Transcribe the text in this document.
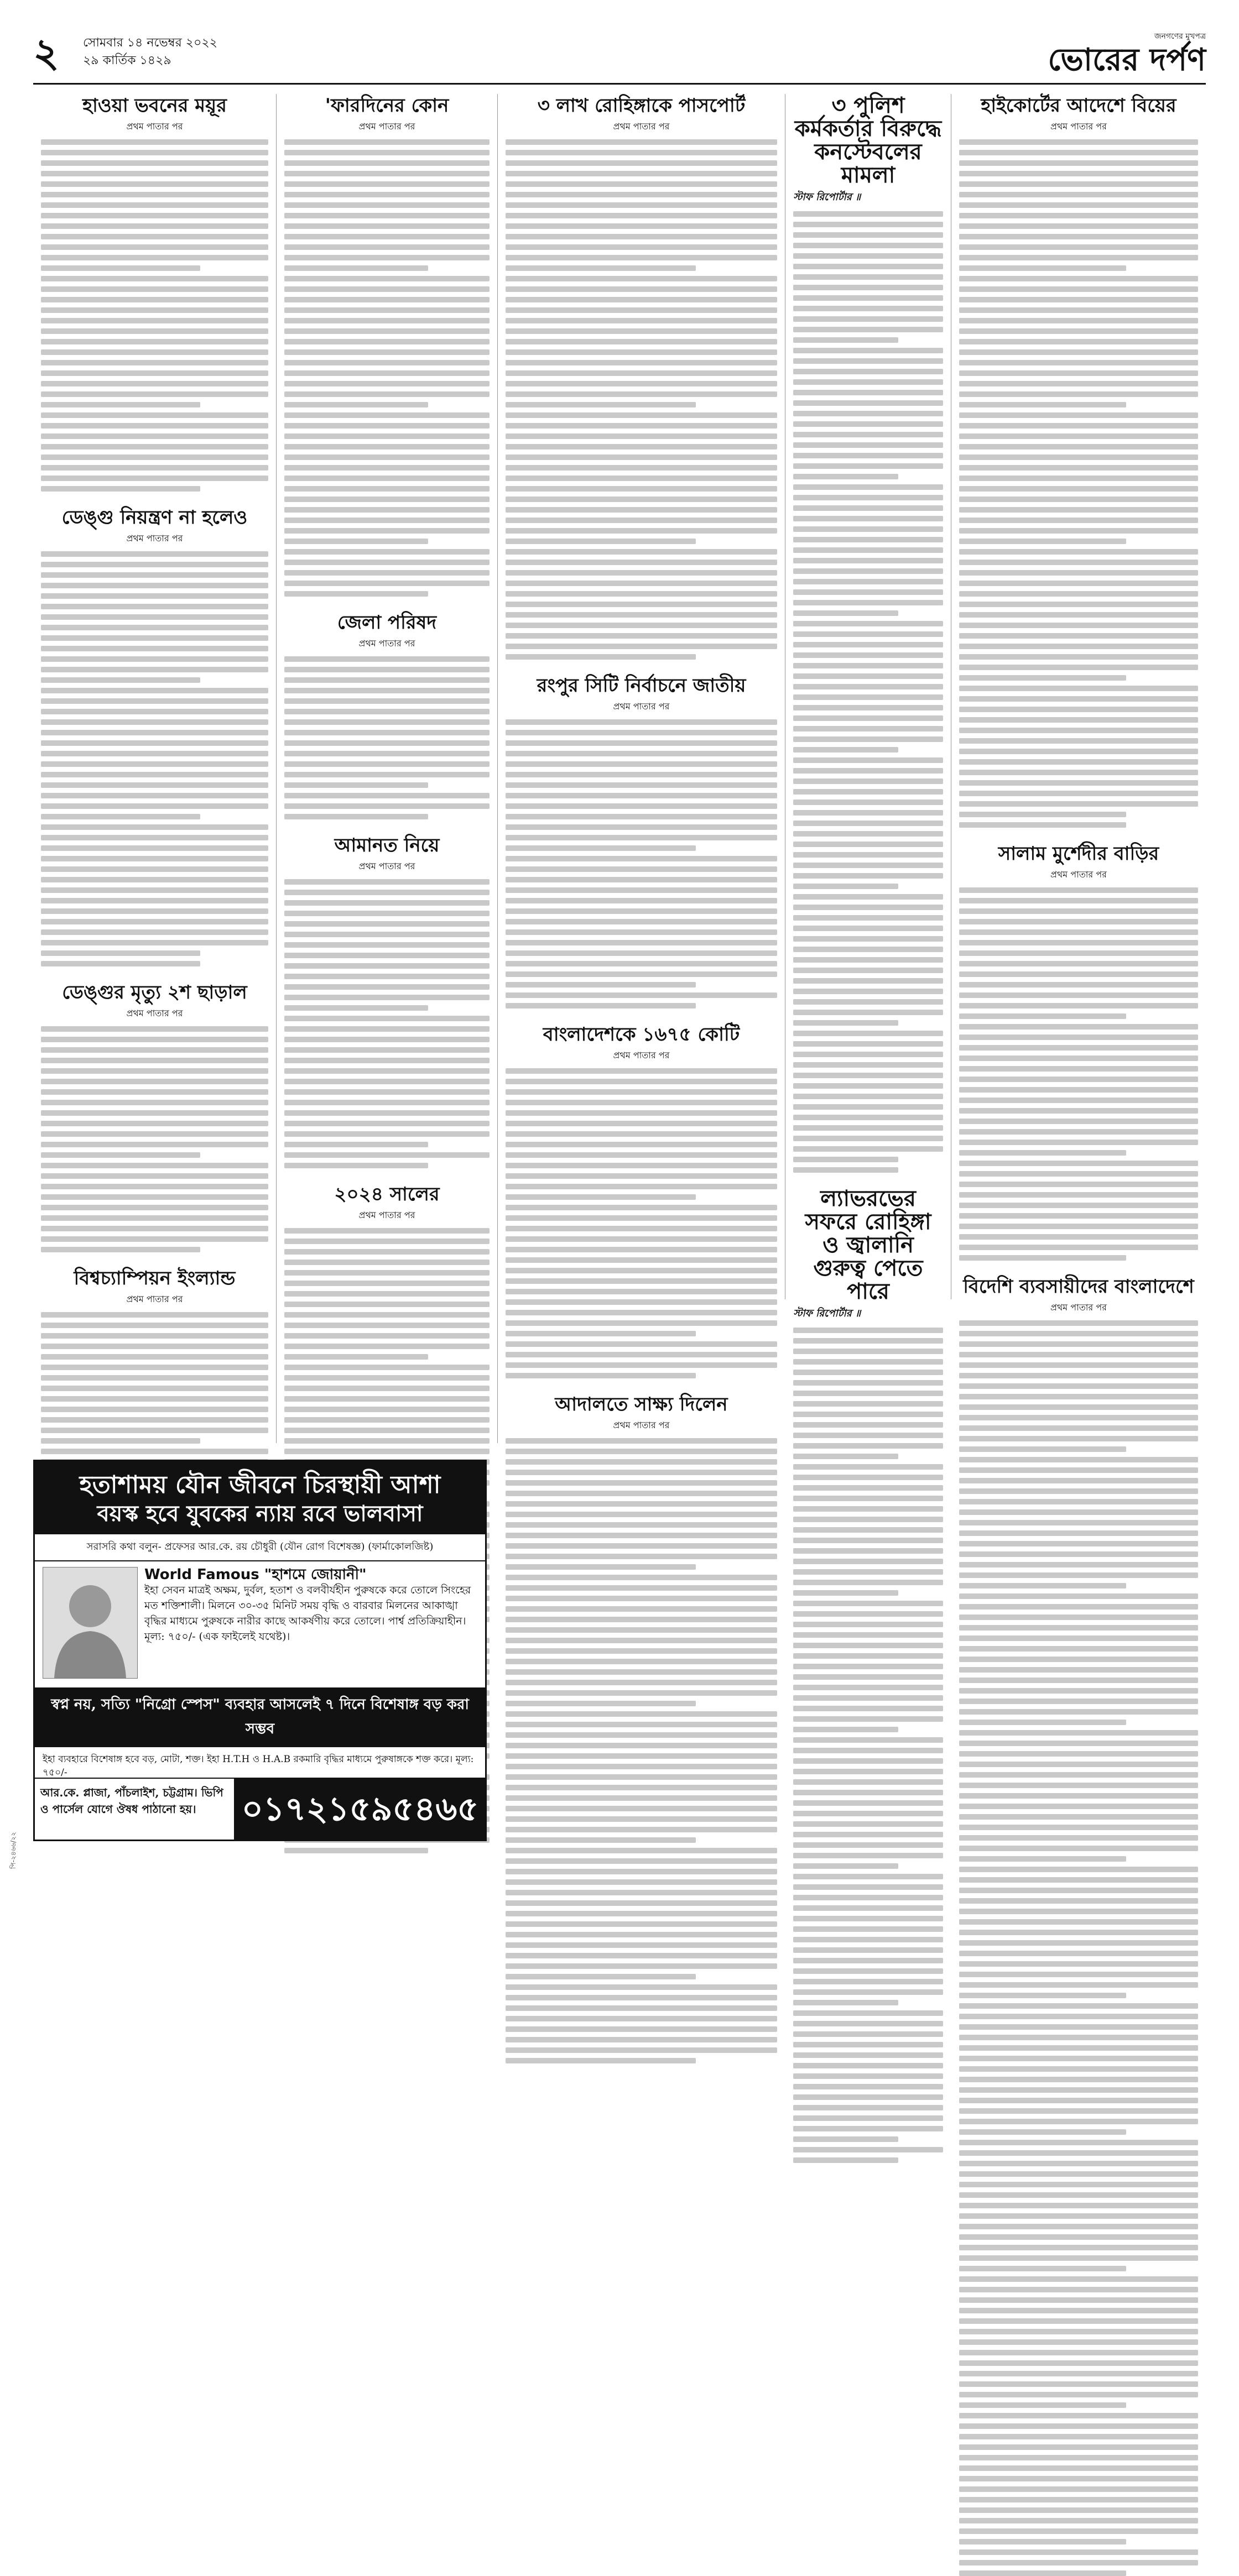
২ সোমবার ১৪ নভেম্বর ২০২২
২৯ কার্তিক ১৪২৯
জনগণের মুখপত্র
ভোরের দর্পণ
হাওয়া ভবনের ময়ূর
প্রথম পাতার পর
ডেঙ্গু নিয়ন্ত্রণ না হলেও
প্রথম পাতার পর
ডেঙ্গুর মৃত্যু ২শ ছাড়াল
প্রথম পাতার পর
বিশ্বচ্যাম্পিয়ন ইংল্যান্ড
প্রথম পাতার পর
'ফারদিনের কোন
প্রথম পাতার পর
জেলা পরিষদ
প্রথম পাতার পর
আমানত নিয়ে
প্রথম পাতার পর
২০২৪ সালের
প্রথম পাতার পর
৩ লাখ রোহিঙ্গাকে পাসপোর্ট
প্রথম পাতার পর
রংপুর সিটি নির্বাচনে জাতীয়
প্রথম পাতার পর
বাংলাদেশকে ১৬৭৫ কোটি
প্রথম পাতার পর
আদালতে সাক্ষ্য দিলেন
প্রথম পাতার পর
৩ পুলিশ কর্মকর্তার বিরুদ্ধে কনস্টেবলের মামলা
স্টাফ রিপোর্টার ॥
ল্যাভরভের সফরে রোহিঙ্গা ও জ্বালানি গুরুত্ব পেতে পারে
স্টাফ রিপোর্টার ॥
হাইকোর্টের আদেশে বিয়ের
প্রথম পাতার পর
সালাম মুর্শেদীর বাড়ির
প্রথম পাতার পর
বিদেশি ব্যবসায়ীদের বাংলাদেশে
প্রথম পাতার পর
হতাশাময় যৌন জীবনে চিরস্থায়ী আশা
বয়স্ক হবে যুবকের ন্যায় রবে ভালবাসা
সরাসরি কথা বলুন- প্রফেসর আর.কে. রয় চৌধুরী (যৌন রোগ বিশেষজ্ঞ) (ফার্মাকোলজিষ্ট)
World Famous "হাশমে জোয়ানী"
ইহা সেবন মাত্রই অক্ষম, দুর্বল, হতাশ ও বলবীর্যহীন পুরুষকে করে তোলে সিংহের মত শক্তিশালী। মিলনে ৩০-৩৫ মিনিট সময় বৃদ্ধি ও বারবার মিলনের আকাঙ্খা বৃদ্ধির মাধ্যমে পুরুষকে নারীর কাছে আকর্ষণীয় করে তোলে। পার্শ্ব প্রতিক্রিয়াহীন। মূল্য: ৭৫০/- (এক ফাইলেই যথেষ্ট)।
স্বপ্ন নয়, সত্যি "নিগ্রো স্পেস" ব্যবহার আসলেই ৭ দিনে বিশেষাঙ্গ বড় করা সম্ভব
ইহা ব্যবহারে বিশেষাঙ্গ হবে বড়, মোটা, শক্ত। ইহা H.T.H ও H.A.B রকমারি বৃদ্ধির মাধ্যমে পুরুষাঙ্গকে শক্ত করে। মূল্য: ৭৫০/-
আর.কে. প্লাজা, পাঁচলাইশ, চট্টগ্রাম। ভিপি ও পার্সেল যোগে ঔষধ পাঠানো হয়।	০১৭২১৫৯৫৪৬৫
পি-২৪৬৬/২২
